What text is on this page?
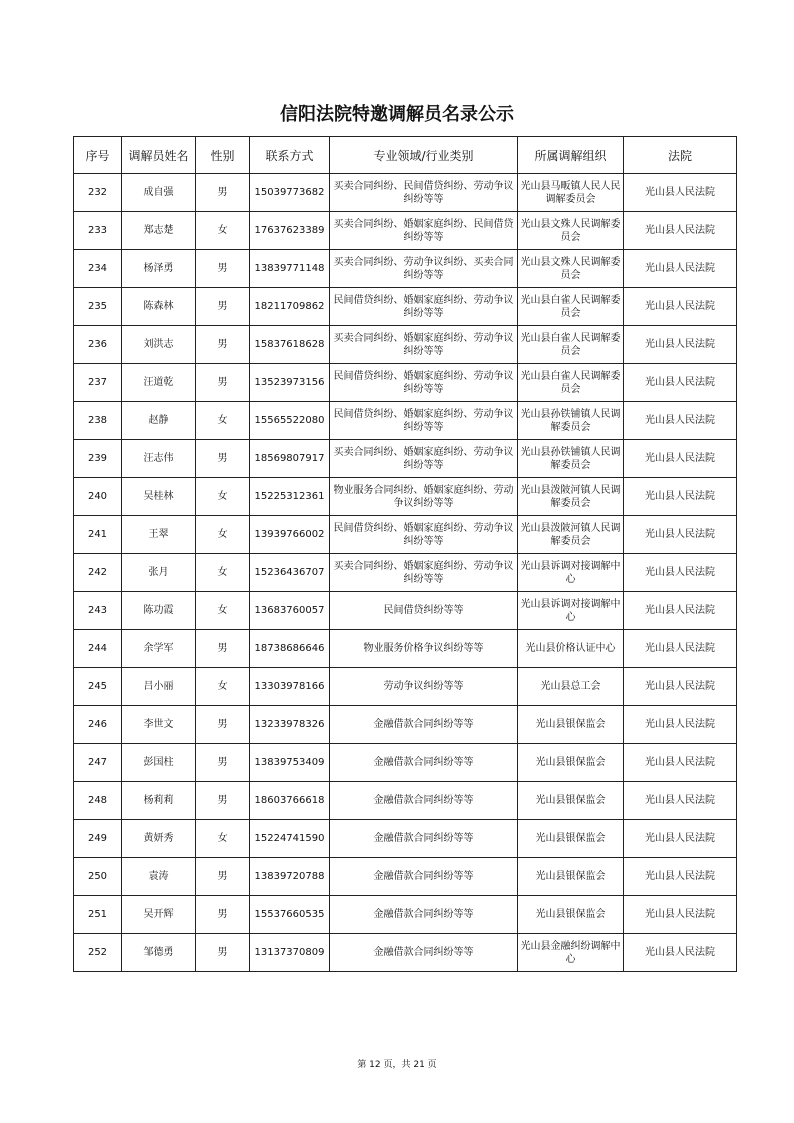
信阳法院特邀调解员名录公示
序号	调解员姓名	性别	联系方式	专业领域/行业类别	所属调解组织	法院
232	成自强	男	15039773682	买卖合同纠纷、民间借贷纠纷、劳动争议纠纷等等	光山县马畈镇人民人民调解委员会	光山县人民法院
233	郑志楚	女	17637623389	买卖合同纠纷、婚姻家庭纠纷、民间借贷纠纷等等	光山县文殊人民调解委员会	光山县人民法院
234	杨泽勇	男	13839771148	买卖合同纠纷、劳动争议纠纷、买卖合同纠纷等等	光山县文殊人民调解委员会	光山县人民法院
235	陈森林	男	18211709862	民间借贷纠纷、婚姻家庭纠纷、劳动争议纠纷等等	光山县白雀人民调解委员会	光山县人民法院
236	刘洪志	男	15837618628	买卖合同纠纷、婚姻家庭纠纷、劳动争议纠纷等等	光山县白雀人民调解委员会	光山县人民法院
237	汪道乾	男	13523973156	民间借贷纠纷、婚姻家庭纠纷、劳动争议纠纷等等	光山县白雀人民调解委员会	光山县人民法院
238	赵静	女	15565522080	民间借贷纠纷、婚姻家庭纠纷、劳动争议纠纷等等	光山县孙铁铺镇人民调解委员会	光山县人民法院
239	汪志伟	男	18569807917	买卖合同纠纷、婚姻家庭纠纷、劳动争议纠纷等等	光山县孙铁铺镇人民调解委员会	光山县人民法院
240	吴桂林	女	15225312361	物业服务合同纠纷、婚姻家庭纠纷、劳动争议纠纷等等	光山县泼陂河镇人民调解委员会	光山县人民法院
241	王翠	女	13939766002	民间借贷纠纷、婚姻家庭纠纷、劳动争议纠纷等等	光山县泼陂河镇人民调解委员会	光山县人民法院
242	张月	女	15236436707	买卖合同纠纷、婚姻家庭纠纷、劳动争议纠纷等等	光山县诉调对接调解中心	光山县人民法院
243	陈功霞	女	13683760057	民间借贷纠纷等等	光山县诉调对接调解中心	光山县人民法院
244	余学军	男	18738686646	物业服务价格争议纠纷等等	光山县价格认证中心	光山县人民法院
245	吕小丽	女	13303978166	劳动争议纠纷等等	光山县总工会	光山县人民法院
246	李世文	男	13233978326	金融借款合同纠纷等等	光山县银保监会	光山县人民法院
247	彭国柱	男	13839753409	金融借款合同纠纷等等	光山县银保监会	光山县人民法院
248	杨莉莉	男	18603766618	金融借款合同纠纷等等	光山县银保监会	光山县人民法院
249	黄妍秀	女	15224741590	金融借款合同纠纷等等	光山县银保监会	光山县人民法院
250	袁涛	男	13839720788	金融借款合同纠纷等等	光山县银保监会	光山县人民法院
251	吴开辉	男	15537660535	金融借款合同纠纷等等	光山县银保监会	光山县人民法院
252	邹德勇	男	13137370809	金融借款合同纠纷等等	光山县金融纠纷调解中心	光山县人民法院
第 12 页，共 21 页
